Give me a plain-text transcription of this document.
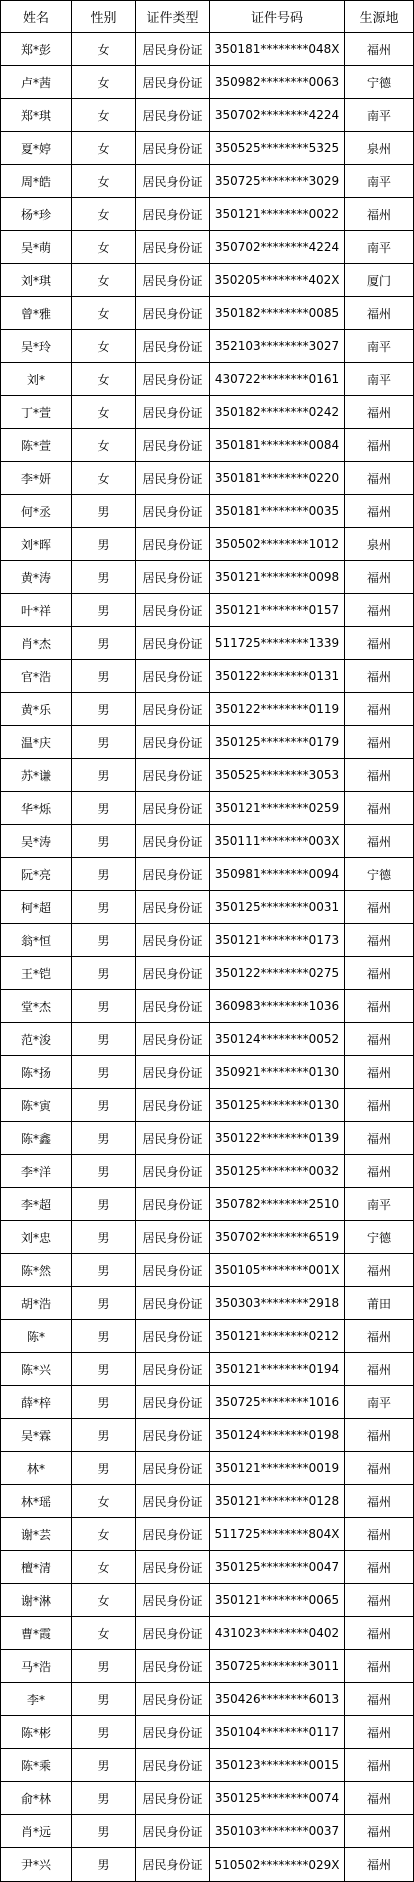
姓名	性别	证件类型	证件号码	生源地
郑*彭	女	居民身份证	350181********048X	福州
卢*茜	女	居民身份证	350982********0063	宁德
郑*琪	女	居民身份证	350702********4224	南平
夏*婷	女	居民身份证	350525********5325	泉州
周*皓	女	居民身份证	350725********3029	南平
杨*珍	女	居民身份证	350121********0022	福州
吴*萌	女	居民身份证	350702********4224	南平
刘*琪	女	居民身份证	350205********402X	厦门
曾*雅	女	居民身份证	350182********0085	福州
吴*玲	女	居民身份证	352103********3027	南平
刘*	女	居民身份证	430722********0161	南平
丁*萱	女	居民身份证	350182********0242	福州
陈*萱	女	居民身份证	350181********0084	福州
李*妍	女	居民身份证	350181********0220	福州
何*丞	男	居民身份证	350181********0035	福州
刘*晖	男	居民身份证	350502********1012	泉州
黄*涛	男	居民身份证	350121********0098	福州
叶*祥	男	居民身份证	350121********0157	福州
肖*杰	男	居民身份证	511725********1339	福州
官*浩	男	居民身份证	350122********0131	福州
黄*乐	男	居民身份证	350122********0119	福州
温*庆	男	居民身份证	350125********0179	福州
苏*谦	男	居民身份证	350525********3053	福州
华*烁	男	居民身份证	350121********0259	福州
吴*涛	男	居民身份证	350111********003X	福州
阮*亮	男	居民身份证	350981********0094	宁德
柯*超	男	居民身份证	350125********0031	福州
翁*恒	男	居民身份证	350121********0173	福州
王*铠	男	居民身份证	350122********0275	福州
堂*杰	男	居民身份证	360983********1036	福州
范*浚	男	居民身份证	350124********0052	福州
陈*扬	男	居民身份证	350921********0130	福州
陈*寅	男	居民身份证	350125********0130	福州
陈*鑫	男	居民身份证	350122********0139	福州
李*洋	男	居民身份证	350125********0032	福州
李*超	男	居民身份证	350782********2510	南平
刘*忠	男	居民身份证	350702********6519	宁德
陈*然	男	居民身份证	350105********001X	福州
胡*浩	男	居民身份证	350303********2918	莆田
陈*	男	居民身份证	350121********0212	福州
陈*兴	男	居民身份证	350121********0194	福州
薛*梓	男	居民身份证	350725********1016	南平
吴*霖	男	居民身份证	350124********0198	福州
林*	男	居民身份证	350121********0019	福州
林*瑶	女	居民身份证	350121********0128	福州
谢*芸	女	居民身份证	511725********804X	福州
檀*清	女	居民身份证	350125********0047	福州
谢*淋	女	居民身份证	350121********0065	福州
曹*霞	女	居民身份证	431023********0402	福州
马*浩	男	居民身份证	350725********3011	福州
李*	男	居民身份证	350426********6013	福州
陈*彬	男	居民身份证	350104********0117	福州
陈*乘	男	居民身份证	350123********0015	福州
俞*林	男	居民身份证	350125********0074	福州
肖*远	男	居民身份证	350103********0037	福州
尹*兴	男	居民身份证	510502********029X	福州
